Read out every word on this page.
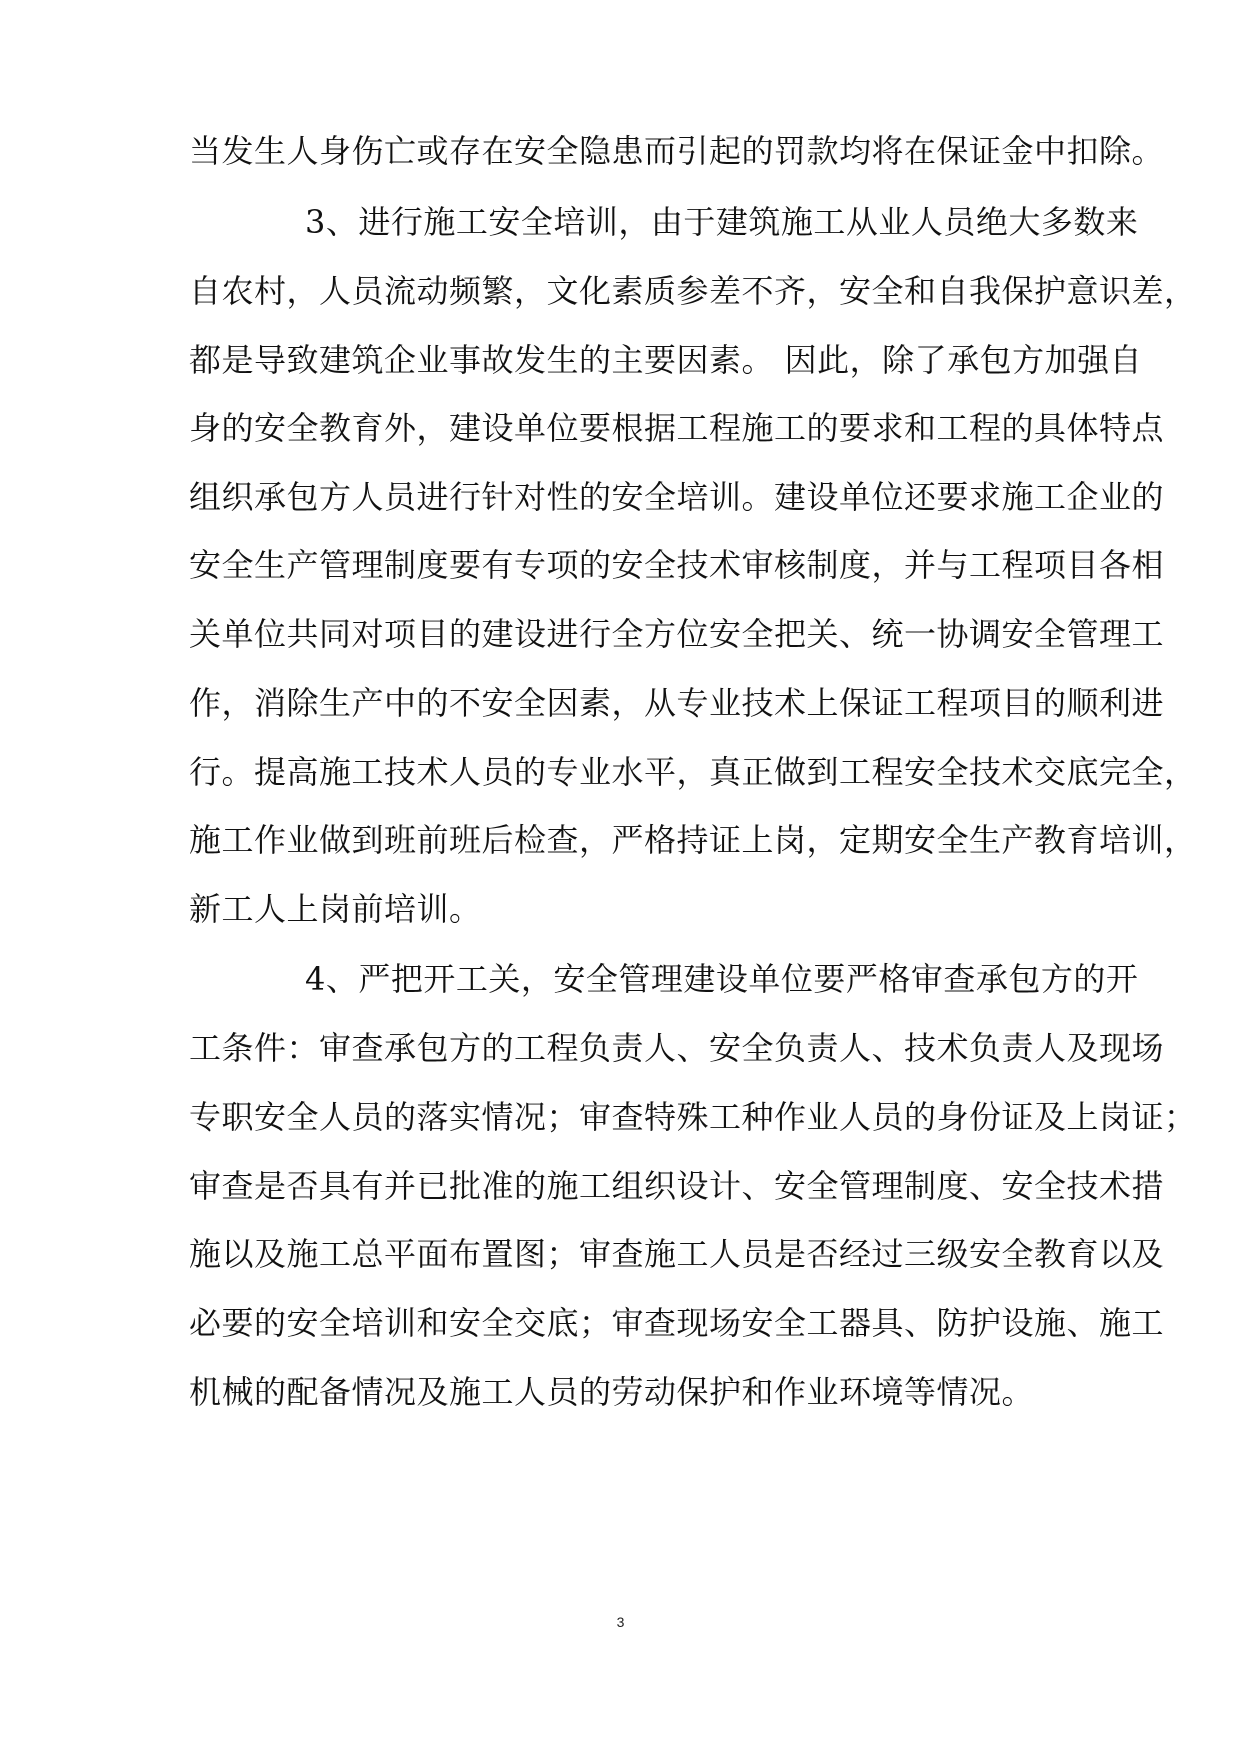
当发生人身伤亡或存在安全隐患而引起的罚款均将在保证金中扣除。
3、进行施工安全培训，由于建筑施工从业人员绝大多数来
自农村，人员流动频繁，文化素质参差不齐，安全和自我保护意识差，
都是导致建筑企业事故发生的主要因素。 因此，除了承包方加强自
身的安全教育外，建设单位要根据工程施工的要求和工程的具体特点
组织承包方人员进行针对性的安全培训。建设单位还要求施工企业的
安全生产管理制度要有专项的安全技术审核制度，并与工程项目各相
关单位共同对项目的建设进行全方位安全把关、统一协调安全管理工
作，消除生产中的不安全因素，从专业技术上保证工程项目的顺利进
行。提高施工技术人员的专业水平，真正做到工程安全技术交底完全，
施工作业做到班前班后检查，严格持证上岗，定期安全生产教育培训，
新工人上岗前培训。
4、严把开工关，安全管理建设单位要严格审查承包方的开
工条件：审查承包方的工程负责人、安全负责人、技术负责人及现场
专职安全人员的落实情况；审查特殊工种作业人员的身份证及上岗证；
审查是否具有并已批准的施工组织设计、安全管理制度、安全技术措
施以及施工总平面布置图；审查施工人员是否经过三级安全教育以及
必要的安全培训和安全交底；审查现场安全工器具、防护设施、施工
机械的配备情况及施工人员的劳动保护和作业环境等情况。
3
